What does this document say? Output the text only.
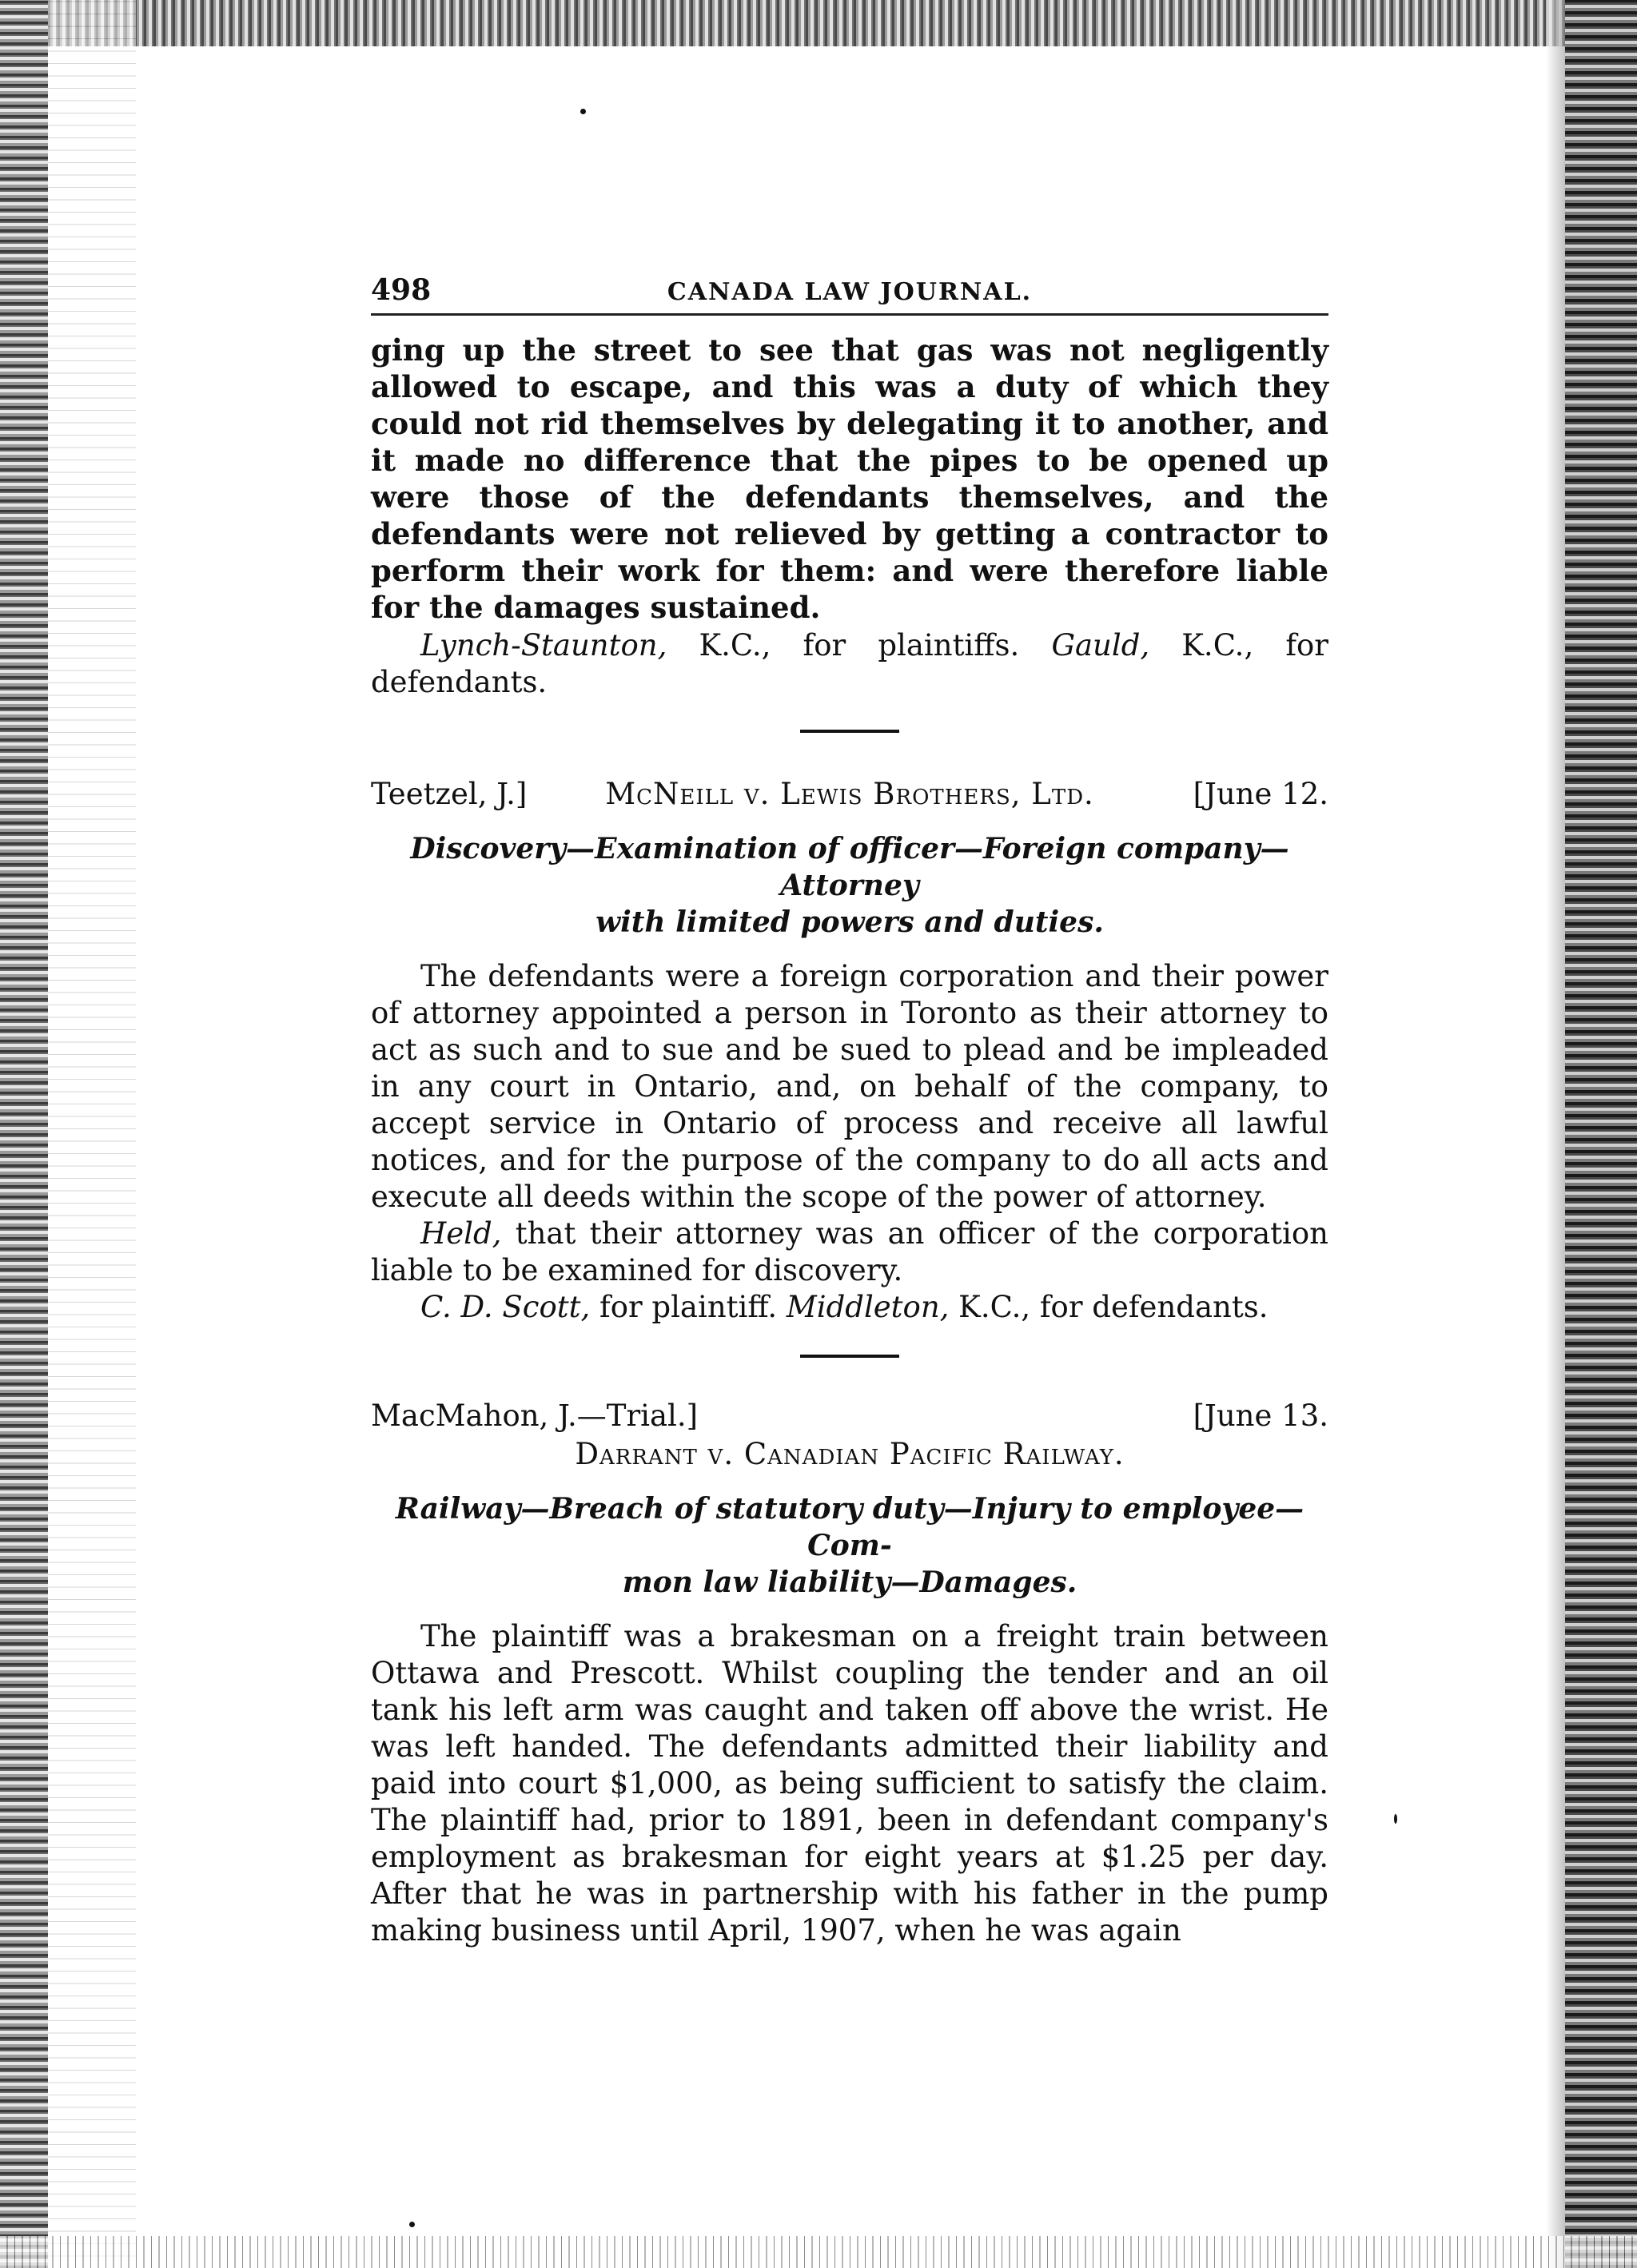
498	CANADA LAW JOURNAL.

ging up the street to see that gas was not negligently allowed to escape, and this was a duty of which they could not rid themselves by delegating it to another, and it made no difference that the pipes to be opened up were those of the defendants themselves, and the defendants were not relieved by getting a contractor to perform their work for them: and were therefore liable for the damages sustained.

Lynch-Staunton, K.C., for plaintiffs. Gauld, K.C., for defendants.

Teetzel, J.]	McNeill v. Lewis Brothers, Ltd.	[June 12.

Discovery—Examination of officer—Foreign company—Attorney
with limited powers and duties.

The defendants were a foreign corporation and their power of attorney appointed a person in Toronto as their attorney to act as such and to sue and be sued to plead and be impleaded in any court in Ontario, and, on behalf of the company, to accept service in Ontario of process and receive all lawful notices, and for the purpose of the company to do all acts and execute all deeds within the scope of the power of attorney.

Held, that their attorney was an officer of the corporation liable to be examined for discovery.

C. D. Scott, for plaintiff. Middleton, K.C., for defendants.

MacMahon, J.—Trial.]	[June 13.
Darrant v. Canadian Pacific Railway.

Railway—Breach of statutory duty—Injury to employee—Com-
mon law liability—Damages.

The plaintiff was a brakesman on a freight train between Ottawa and Prescott. Whilst coupling the tender and an oil tank his left arm was caught and taken off above the wrist. He was left handed. The defendants admitted their liability and paid into court $1,000, as being sufficient to satisfy the claim. The plaintiff had, prior to 1891, been in defendant company's employment as brakesman for eight years at $1.25 per day. After that he was in partnership with his father in the pump making business until April, 1907, when he was again
